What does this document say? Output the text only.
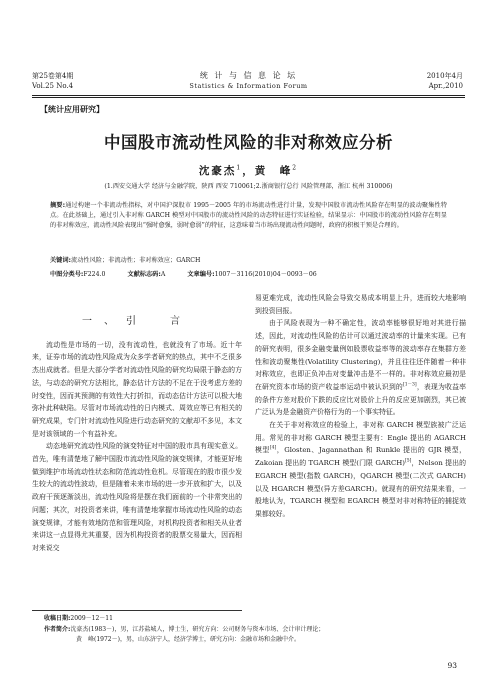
第25卷第4期
Vol.25 No.4
统 计 与 信 息 论 坛
Statistics & Information Forum
2010年4月
Apr.,2010
【统计应用研究】
中国股市流动性风险的非对称效应分析
沈豪杰$^1$，黄　峰$^2$
(1.西安交通大学 经济与金融学院，陕西 西安 710061;2.浙商银行总行 风险管理部，浙江 杭州 310006)
摘要:通过构建一个非流动性指标，对中国沪深股市 1995－2005 年的市场流动性进行计量，发现中国股市流动性风险存在明显的波动聚集性特点。在此基础上，通过引入非对称 GARCH 模型对中国股市的流动性风险的动态特征进行实证检验，结果显示：中国股市的流动性风险存在明显的非对称效应，流动性风险表现出“强时愈强，弱时愈弱”的特征，这意味着当市场出现流动性问题时，政府的积极干预是合理的。
关键词:流动性风险；非流动性；非对称效应；GARCH
中图分类号:F224.0	文献标志码:A	文章编号:1007－3116(2010)04－0093－06
一、引　言

流动性是市场的一切，没有流动性，也就没有了市场。近十年来，证券市场的流动性风险成为众多学者研究的热点，其中不乏很多杰出成就者。但是大部分学者对流动性风险的研究均局限于静态的方法，与动态的研究方法相比，静态估计方法的不足在于没考虑方差的时变性，因而其预测的有效性大打折扣，而动态估计方法可以极大地弥补此种缺陷。尽管对市场流动性的日内模式、周效应等已有相关的研究成果，专门针对流动性风险进行动态研究的文献却不多见，本文是对该领域的一个有益补充。

动态地研究流动性风险的演变特征对中国的股市具有现实意义。首先，唯有清楚地了解中国股市流动性风险的演变规律，才能更好地做到维护市场流动性状态和防范流动性危机。尽管现在的股市很少发生较大的流动性波动，但是随着未来市场的进一步开放和扩大，以及政府干预逐渐淡出，流动性风险将是摆在我们面前的一个非常突出的问题；其次，对投资者来讲，唯有清楚地掌握市场流动性风险的动态演变规律，才能有效地防范和管理风险，对机构投资者和相关从业者来讲这一点显得尤其重要，因为机构投资者的股票交易量大，因而相对来说交

易更难完成，流动性风险会导致交易成本明显上升，进而较大地影响到投资回报。

由于风险表现为一种不确定性，波动率能够很好地对其进行描述，因此，对流动性风险的估计可以通过波动率的计量来实现。已有的研究表明，很多金融变量例如股票收益率等的波动率存在集群方差性和波动聚集性(Volatility Clustering)，并且往往还伴随着一种非对称效应，也即正负冲击对变量冲击是不一样的。非对称效应最初是在研究资本市场的资产收益率运动中被认识到的[1－3]，表现为收益率的条件方差对股价下跌的反应比对股价上升的反应更加剧烈，其已被广泛认为是金融资产价格行为的一个事实特征。

在关于非对称效应的检验上，非对称 GARCH 模型族被广泛运用。常见的非对称 GARCH 模型主要有：Engle 提出的 AGARCH 模型[4]，Glosten、Jagannathan 和 Runkle 提出的 GJR 模型，Zakoian 提出的 TGARCH 模型(门限 GARCH)[5]，Nelson 提出的 EGARCH 模型(指数 GARCH)，QGARCH 模型(二次式 GARCH)以及 HGARCH 模型(异方差GARCH)。就现有的研究结果来看，一般地认为，TGARCH 模型和 EGARCH 模型对非对称特征的捕捉效果都较好。

收稿日期:2009－12－11
作者简介:沈豪杰(1983－)，男，江苏盐城人，博士生，研究方向：公司财务与资本市场、会计审计理论；
黄　峰(1972－)，男，山东济宁人，经济学博士，研究方向：金融市场和金融中介。
93
